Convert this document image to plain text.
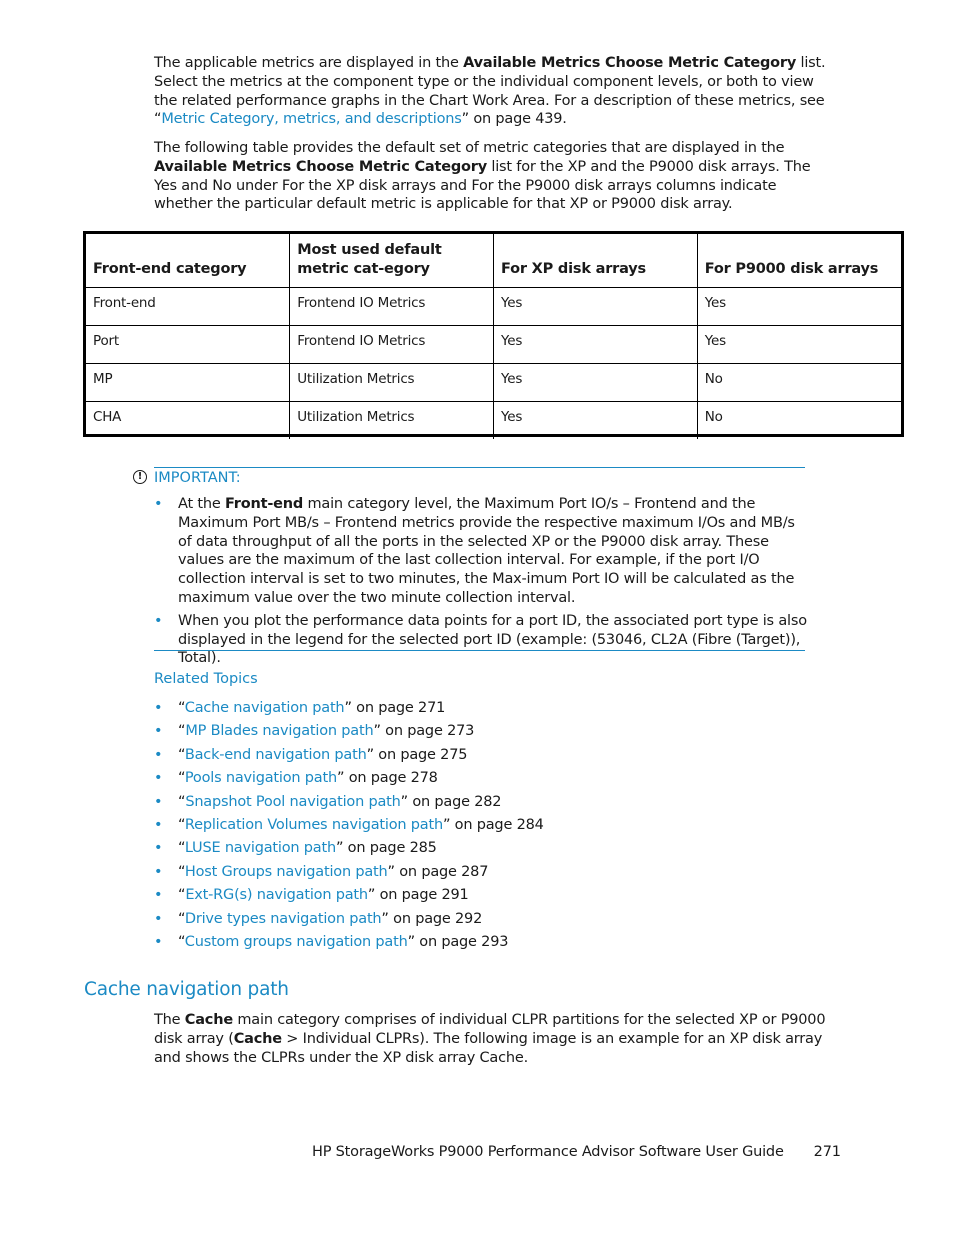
The applicable metrics are displayed in the Available Metrics Choose Metric Category list. Select the metrics at the component type or the individual component levels, or both to view the related performance graphs in the Chart Work Area. For a description of these metrics, see “Metric Category, metrics, and descriptions” on page 439.

The following table provides the default set of metric categories that are displayed in the Available Metrics Choose Metric Category list for the XP and the P9000 disk arrays. The Yes and No under For the XP disk arrays and For the P9000 disk arrays columns indicate whether the particular default metric is applicable for that XP or P9000 disk array.

Front-end category	Most used default metric cat-egory	For XP disk arrays	For P9000 disk arrays
Front-end	Frontend IO Metrics	Yes	Yes
Port	Frontend IO Metrics	Yes	Yes
MP	Utilization Metrics	Yes	No
CHA	Utilization Metrics	Yes	No
! IMPORTANT:
• At the Front-end main category level, the Maximum Port IO/s – Frontend and the Maximum Port MB/s – Frontend metrics provide the respective maximum I/Os and MB/s of data throughput of all the ports in the selected XP or the P9000 disk array. These values are the maximum of the last collection interval. For example, if the port I/O collection interval is set to two minutes, the Max-imum Port IO will be calculated as the maximum value over the two minute collection interval.
• When you plot the performance data points for a port ID, the associated port type is also displayed in the legend for the selected port ID (example: (53046, CL2A (Fibre (Target)), Total).
Related Topics
• “Cache navigation path” on page 271
• “MP Blades navigation path” on page 273
• “Back-end navigation path” on page 275
• “Pools navigation path” on page 278
• “Snapshot Pool navigation path” on page 282
• “Replication Volumes navigation path” on page 284
• “LUSE navigation path” on page 285
• “Host Groups navigation path” on page 287
• “Ext-RG(s) navigation path” on page 291
• “Drive types navigation path” on page 292
• “Custom groups navigation path” on page 293
Cache navigation path

The Cache main category comprises of individual CLPR partitions for the selected XP or P9000 disk array (Cache > Individual CLPRs). The following image is an example for an XP disk array and shows the CLPRs under the XP disk array Cache.

HP StorageWorks P9000 Performance Advisor Software User Guide 271
